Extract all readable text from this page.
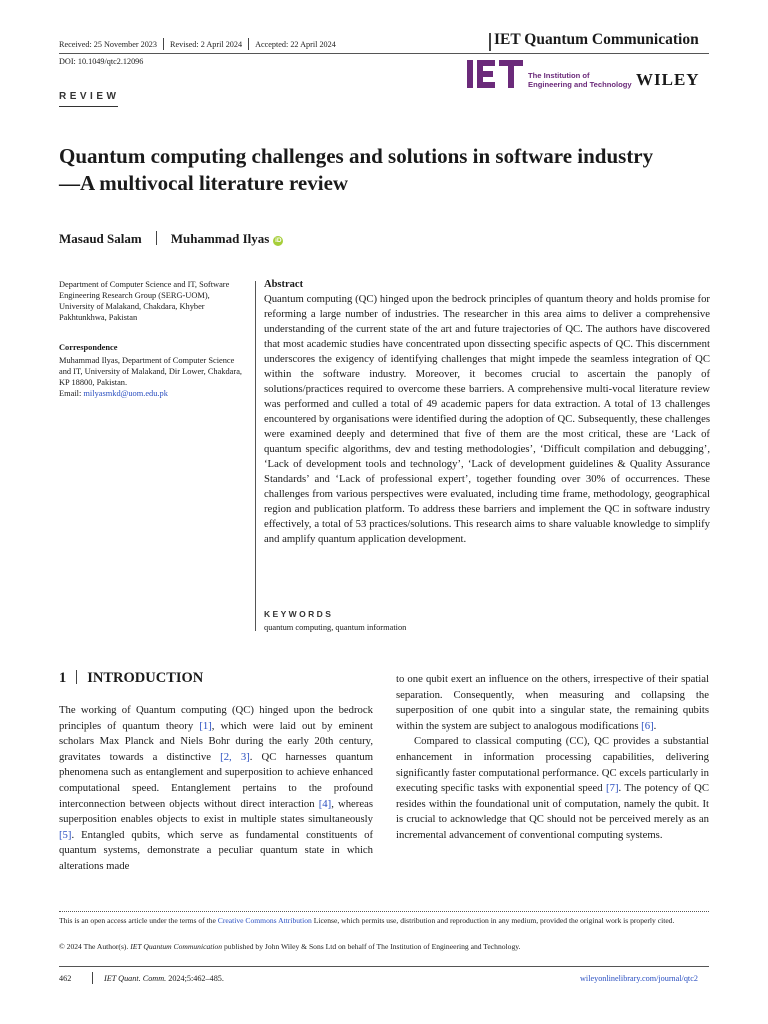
Received: 25 November 2023 Revised: 2 April 2024 Accepted: 22 April 2024	IET Quantum Communication
DOI: 10.1049/qtc2.12096
The Institution of
Engineering and Technology WILEY
REVIEW
Quantum computing challenges and solutions in software industry—A multivocal literature review
Masaud Salam Muhammad Ilyas iD
Department of Computer Science and IT, Software Engineering Research Group (SERG-UOM), University of Malakand, Chakdara, Khyber Pakhtunkhwa, Pakistan
Correspondence
Muhammad Ilyas, Department of Computer Science and IT, University of Malakand, Dir Lower, Chakdara, KP 18800, Pakistan.
Email: milyasmkd@uom.edu.pk
Abstract
Quantum computing (QC) hinged upon the bedrock principles of quantum theory and holds promise for reforming a large number of industries. The researcher in this area aims to deliver a comprehensive understanding of the current state of the art and future trajectories of QC. The authors have discovered that most academic studies have concentrated upon dissecting specific aspects of QC. This discernment underscores the exigency of identifying challenges that might impede the seamless integration of QC within the software industry. Moreover, it becomes crucial to ascertain the panoply of solutions/practices required to overcome these barriers. A comprehensive multi-vocal literature review was performed and culled a total of 49 academic papers for data extraction. A total of 13 challenges encountered by organisations were identified during the adoption of QC. Subsequently, these challenges were examined deeply and determined that five of them are the most critical, these are ‘Lack of quantum specific algorithms, dev and testing methodologies’, ‘Difficult compilation and debugging’, ‘Lack of development tools and technology’, ‘Lack of development guidelines & Quality Assurance Standards’ and ‘Lack of professional expert’, together founding over 30% of occurrences. These challenges from various perspectives were evaluated, including time frame, methodology, geographical region and publication platform. To address these barriers and implement the QC in software industry effectively, a total of 53 practices/solutions. This research aims to share valuable knowledge to simplify and amplify quantum application development.
KEYWORDS
quantum computing, quantum information
1 INTRODUCTION

The working of Quantum computing (QC) hinged upon the bedrock principles of quantum theory [1], which were laid out by eminent scholars Max Planck and Niels Bohr during the early 20th century, gravitates towards a distinctive [2, 3]. QC harnesses quantum phenomena such as entanglement and superposition to achieve enhanced computational speed. Entanglement pertains to the profound interconnection between objects without direct interaction [4], whereas superposition enables objects to exist in multiple states simultaneously [5]. Entangled qubits, which serve as fundamental constituents of quantum systems, demonstrate a peculiar quantum state in which alterations made

to one qubit exert an influence on the others, irrespective of their spatial separation. Consequently, when measuring and collapsing the superposition of one qubit into a singular state, the remaining qubits within the system are subject to analogous modifications [6].

Compared to classical computing (CC), QC provides a substantial enhancement in information processing capabilities, delivering significantly faster computational performance. QC excels particularly in executing specific tasks with exponential speed [7]. The potency of QC resides within the foundational unit of computation, namely the qubit. It is crucial to acknowledge that QC should not be perceived merely as an incremental advancement of conventional computing systems.

This is an open access article under the terms of the Creative Commons Attribution License, which permits use, distribution and reproduction in any medium, provided the original work is properly cited.
© 2024 The Author(s). IET Quantum Communication published by John Wiley & Sons Ltd on behalf of The Institution of Engineering and Technology.
462	IET Quant. Comm. 2024;5:462–485.	wileyonlinelibrary.com/journal/qtc2
